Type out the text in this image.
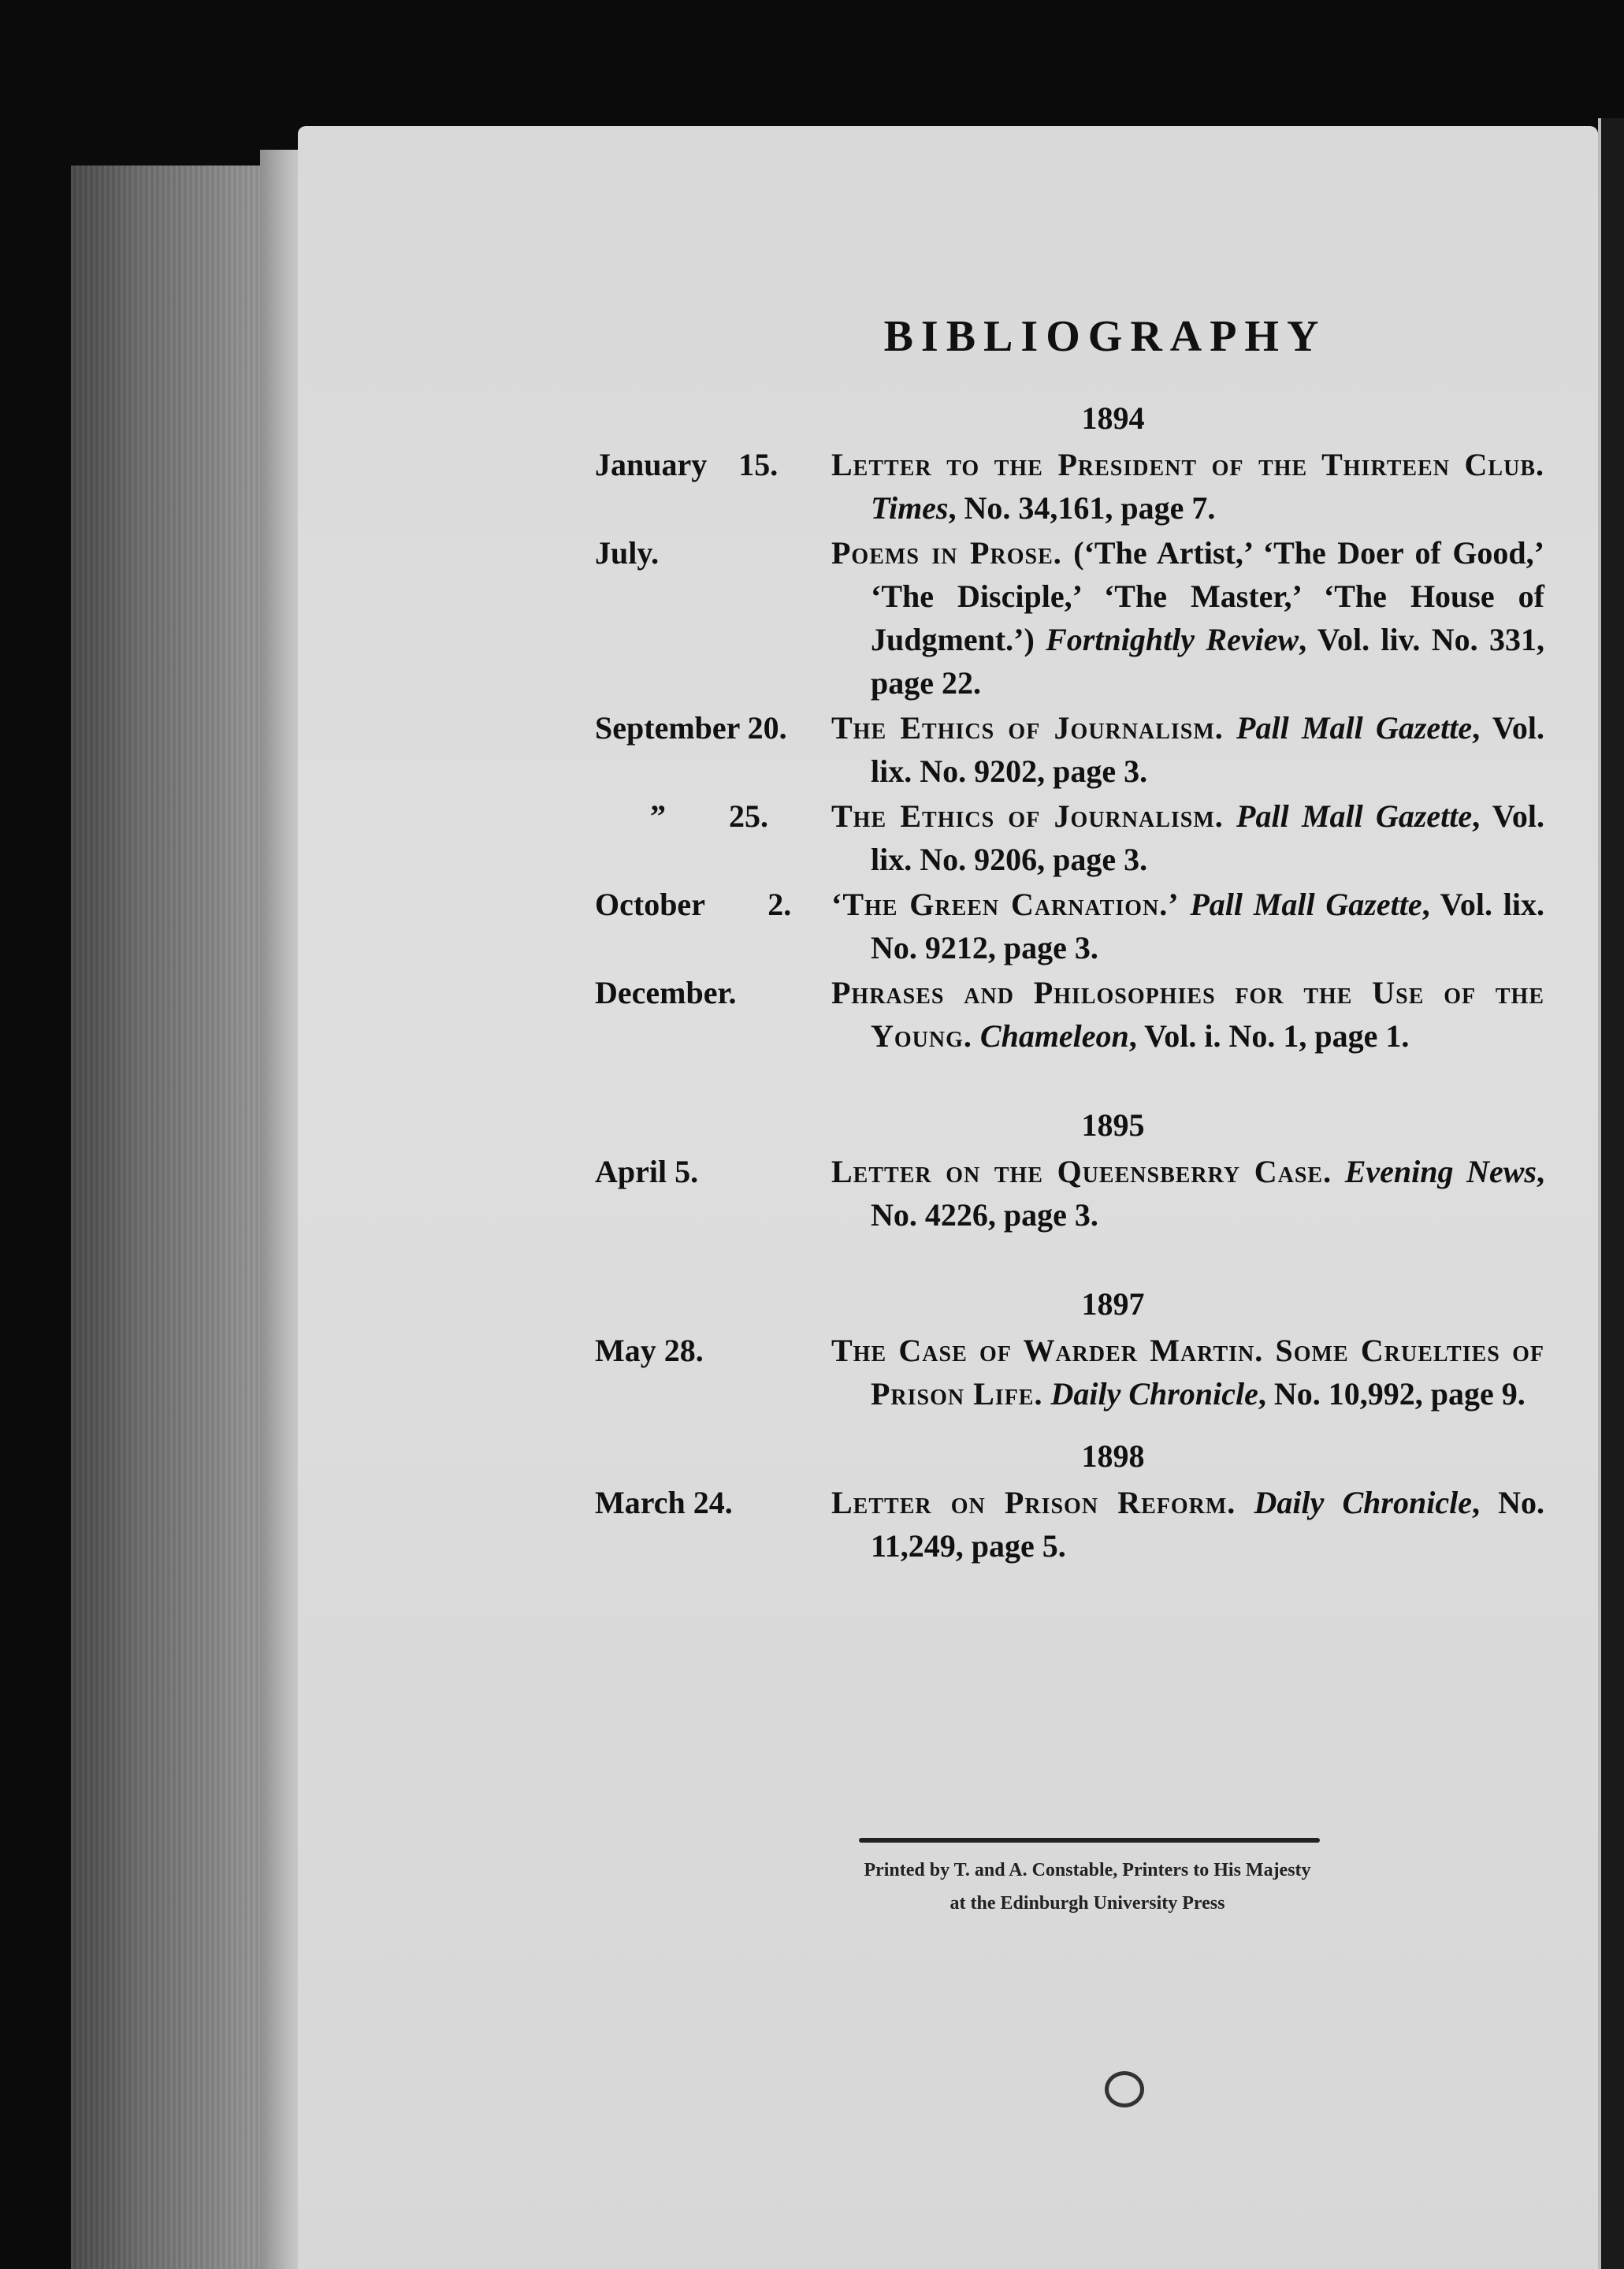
BIBLIOGRAPHY
1894
January    15.	Letter to the President of the Thirteen Club. Times, No. 34,161, page 7.
July.	Poems in Prose. (‘The Artist,’ ‘The Doer of Good,’ ‘The Disciple,’ ‘The Master,’ ‘The House of Judgment.’) Fortnightly Review, Vol. liv. No. 331, page 22.
September 20.	The Ethics of Journalism. Pall Mall Gazette, Vol. lix. No. 9202, page 3.
”        25.	The Ethics of Journalism. Pall Mall Gazette, Vol. lix. No. 9206, page 3.
October        2.	‘The Green Carnation.’ Pall Mall Gazette, Vol. lix. No. 9212, page 3.
December.	Phrases and Philosophies for the Use of the Young. Chameleon, Vol. i. No. 1, page 1.
1895
April 5.	Letter on the Queensberry Case. Evening News, No. 4226, page 3.
1897
May 28.	The Case of Warder Martin. Some Cruelties of Prison Life. Daily Chronicle, No. 10,992, page 9.
1898
March 24.	Letter on Prison Reform. Daily Chronicle, No. 11,249, page 5.
Printed by T. and A. Constable, Printers to His Majesty
at the Edinburgh University Press
